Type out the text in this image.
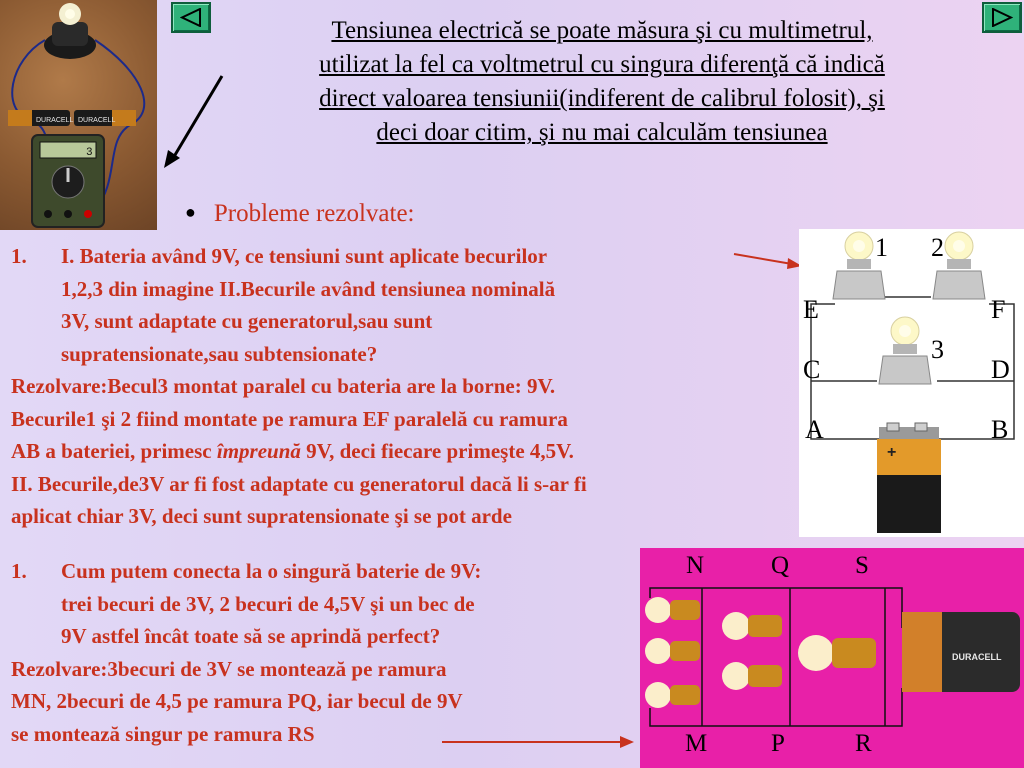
DURACELL DURACELL
3
Tensiunea electrică se poate măsura şi cu multimetrul,
utilizat la fel ca voltmetrul cu singura diferenţă că indică
direct valoarea tensiunii(indiferent de calibrul folosit), şi
deci doar citim, şi nu mai calculăm tensiunea
● Probleme rezolvate:
1. I. Bateria având 9V, ce tensiuni sunt aplicate becurilor
1,2,3 din imagine II.Becurile având tensiunea nominală
3V, sunt adaptate cu generatorul,sau sunt
supratensionate,sau subtensionate?
Rezolvare:Becul3 montat paralel cu bateria are la borne: 9V.
Becurile1 şi 2 fiind montate pe ramura EF paralelă cu ramura
AB a bateriei, primesc împreună 9V, deci fiecare primeşte 4,5V.
II. Becurile,de3V ar fi fost adaptate cu generatorul dacă li s-ar fi
aplicat chiar 3V, deci sunt supratensionate şi se pot arde
+
1 2
E	F
3
C	D
A	B
1. Cum putem conecta la o singură baterie de 9V:
trei becuri de 3V, 2 becuri de 4,5V şi un bec de
9V astfel încât toate să se aprindă perfect?
Rezolvare:3becuri de 3V se montează pe ramura
MN, 2becuri de 4,5 pe ramura PQ, iar becul de 9V
se montează singur pe ramura RS
DURACELL
N	Q	S
M	P	R
